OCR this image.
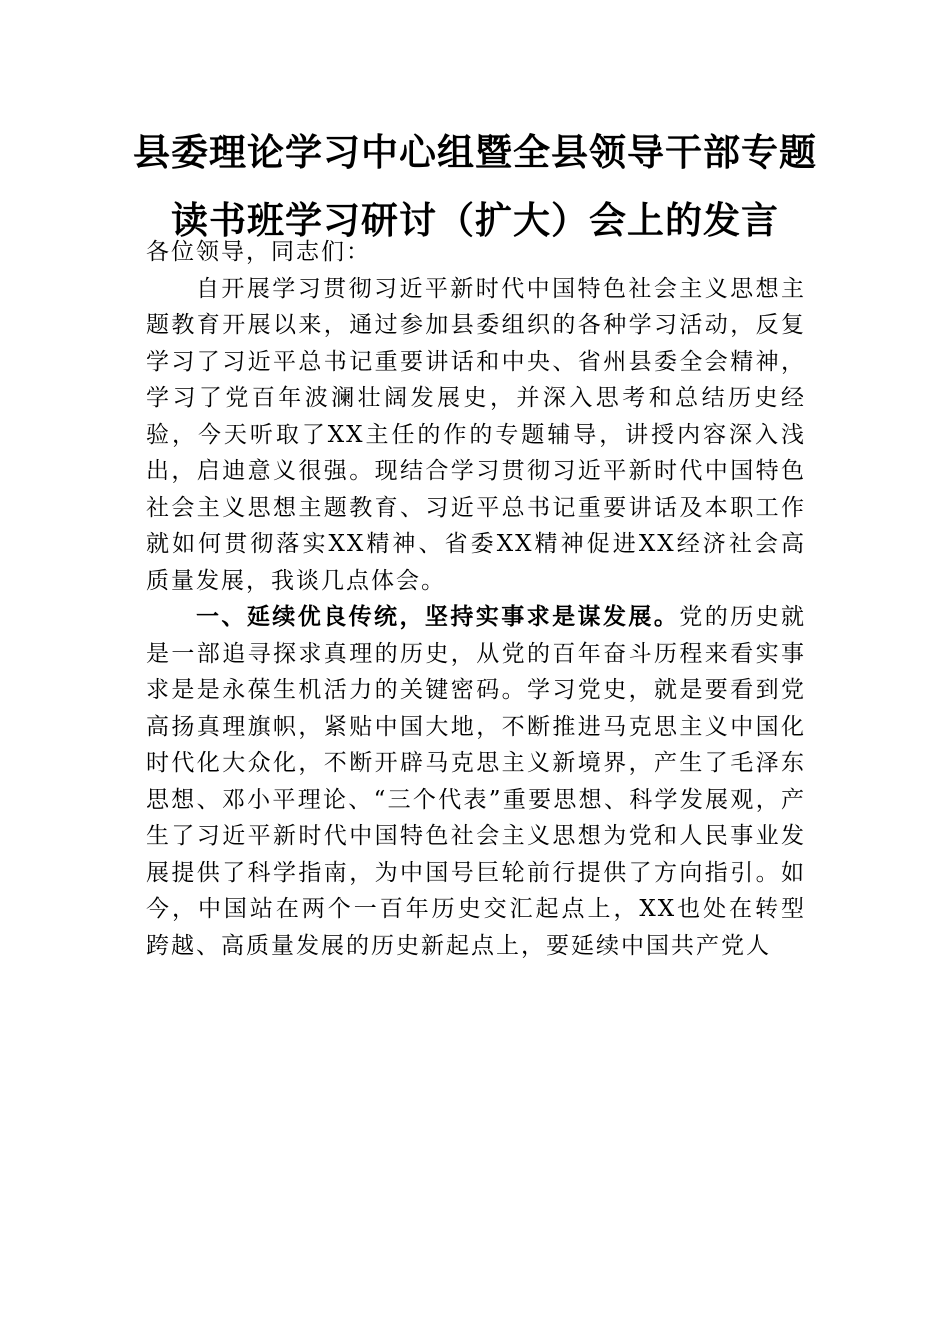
县委理论学习中心组暨全县领导干部专题
读书班学习研讨（扩大）会上的发言

各位领导，同志们：

自开展学习贯彻习近平新时代中国特色社会主义思想主题教育开展以来，通过参加县委组织的各种学习活动，反复学习了习近平总书记重要讲话和中央、省州县委全会精神，学习了党百年波澜壮阔发展史，并深入思考和总结历史经验，今天听取了XX主任的作的专题辅导，讲授内容深入浅出，启迪意义很强。现结合学习贯彻习近平新时代中国特色社会主义思想主题教育、习近平总书记重要讲话及本职工作就如何贯彻落实XX精神、省委XX精神促进XX经济社会高质量发展，我谈几点体会。

一、延续优良传统，坚持实事求是谋发展。党的历史就是一部追寻探求真理的历史，从党的百年奋斗历程来看实事求是是永葆生机活力的关键密码。学习党史，就是要看到党高扬真理旗帜，紧贴中国大地，不断推进马克思主义中国化时代化大众化，不断开辟马克思主义新境界，产生了毛泽东思想、邓小平理论、“三个代表”重要思想、科学发展观，产生了习近平新时代中国特色社会主义思想为党和人民事业发展提供了科学指南，为中国号巨轮前行提供了方向指引。如今，中国站在两个一百年历史交汇起点上，XX也处在转型跨越、高质量发展的历史新起点上，要延续中国共产党人
